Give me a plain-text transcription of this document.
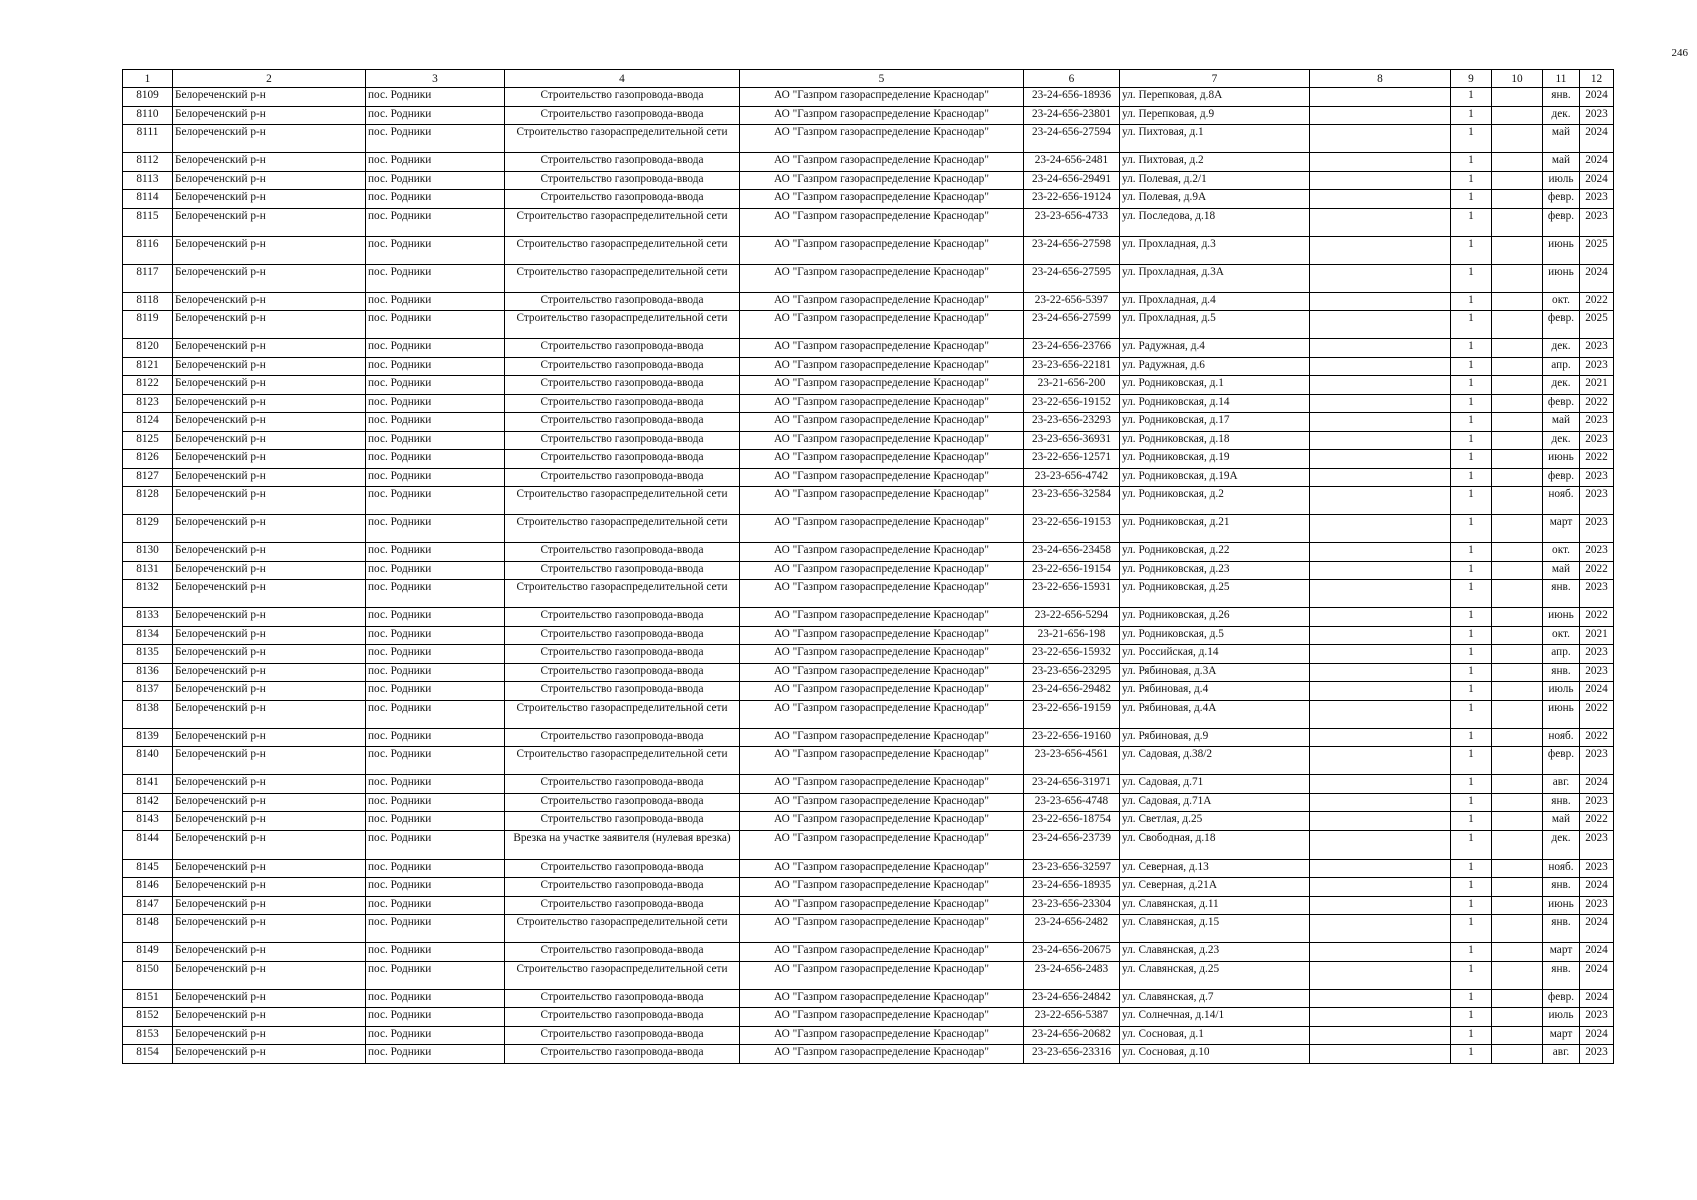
246
1	2	3	4	5	6	7	8	9	10	11	12
8109	Белореченский р-н	пос. Родники	Строительство газопровода-ввода	АО "Газпром газораспределение Краснодар"	23-24-656-18936	ул. Перепковая, д.8А		1		янв.	2024
8110	Белореченский р-н	пос. Родники	Строительство газопровода-ввода	АО "Газпром газораспределение Краснодар"	23-24-656-23801	ул. Перепковая, д.9		1		дек.	2023
8111	Белореченский р-н	пос. Родники	Строительство газораспределительной сети	АО "Газпром газораспределение Краснодар"	23-24-656-27594	ул. Пихтовая, д.1		1		май	2024
8112	Белореченский р-н	пос. Родники	Строительство газопровода-ввода	АО "Газпром газораспределение Краснодар"	23-24-656-2481	ул. Пихтовая, д.2		1		май	2024
8113	Белореченский р-н	пос. Родники	Строительство газопровода-ввода	АО "Газпром газораспределение Краснодар"	23-24-656-29491	ул. Полевая, д.2/1		1		июль	2024
8114	Белореченский р-н	пос. Родники	Строительство газопровода-ввода	АО "Газпром газораспределение Краснодар"	23-22-656-19124	ул. Полевая, д.9А		1		февр.	2023
8115	Белореченский р-н	пос. Родники	Строительство газораспределительной сети	АО "Газпром газораспределение Краснодар"	23-23-656-4733	ул. Последова, д.18		1		февр.	2023
8116	Белореченский р-н	пос. Родники	Строительство газораспределительной сети	АО "Газпром газораспределение Краснодар"	23-24-656-27598	ул. Прохладная, д.3		1		июнь	2025
8117	Белореченский р-н	пос. Родники	Строительство газораспределительной сети	АО "Газпром газораспределение Краснодар"	23-24-656-27595	ул. Прохладная, д.3А		1		июнь	2024
8118	Белореченский р-н	пос. Родники	Строительство газопровода-ввода	АО "Газпром газораспределение Краснодар"	23-22-656-5397	ул. Прохладная, д.4		1		окт.	2022
8119	Белореченский р-н	пос. Родники	Строительство газораспределительной сети	АО "Газпром газораспределение Краснодар"	23-24-656-27599	ул. Прохладная, д.5		1		февр.	2025
8120	Белореченский р-н	пос. Родники	Строительство газопровода-ввода	АО "Газпром газораспределение Краснодар"	23-24-656-23766	ул. Радужная, д.4		1		дек.	2023
8121	Белореченский р-н	пос. Родники	Строительство газопровода-ввода	АО "Газпром газораспределение Краснодар"	23-23-656-22181	ул. Радужная, д.6		1		апр.	2023
8122	Белореченский р-н	пос. Родники	Строительство газопровода-ввода	АО "Газпром газораспределение Краснодар"	23-21-656-200	ул. Родниковская, д.1		1		дек.	2021
8123	Белореченский р-н	пос. Родники	Строительство газопровода-ввода	АО "Газпром газораспределение Краснодар"	23-22-656-19152	ул. Родниковская, д.14		1		февр.	2022
8124	Белореченский р-н	пос. Родники	Строительство газопровода-ввода	АО "Газпром газораспределение Краснодар"	23-23-656-23293	ул. Родниковская, д.17		1		май	2023
8125	Белореченский р-н	пос. Родники	Строительство газопровода-ввода	АО "Газпром газораспределение Краснодар"	23-23-656-36931	ул. Родниковская, д.18		1		дек.	2023
8126	Белореченский р-н	пос. Родники	Строительство газопровода-ввода	АО "Газпром газораспределение Краснодар"	23-22-656-12571	ул. Родниковская, д.19		1		июнь	2022
8127	Белореченский р-н	пос. Родники	Строительство газопровода-ввода	АО "Газпром газораспределение Краснодар"	23-23-656-4742	ул. Родниковская, д.19А		1		февр.	2023
8128	Белореченский р-н	пос. Родники	Строительство газораспределительной сети	АО "Газпром газораспределение Краснодар"	23-23-656-32584	ул. Родниковская, д.2		1		нояб.	2023
8129	Белореченский р-н	пос. Родники	Строительство газораспределительной сети	АО "Газпром газораспределение Краснодар"	23-22-656-19153	ул. Родниковская, д.21		1		март	2023
8130	Белореченский р-н	пос. Родники	Строительство газопровода-ввода	АО "Газпром газораспределение Краснодар"	23-24-656-23458	ул. Родниковская, д.22		1		окт.	2023
8131	Белореченский р-н	пос. Родники	Строительство газопровода-ввода	АО "Газпром газораспределение Краснодар"	23-22-656-19154	ул. Родниковская, д.23		1		май	2022
8132	Белореченский р-н	пос. Родники	Строительство газораспределительной сети	АО "Газпром газораспределение Краснодар"	23-22-656-15931	ул. Родниковская, д.25		1		янв.	2023
8133	Белореченский р-н	пос. Родники	Строительство газопровода-ввода	АО "Газпром газораспределение Краснодар"	23-22-656-5294	ул. Родниковская, д.26		1		июнь	2022
8134	Белореченский р-н	пос. Родники	Строительство газопровода-ввода	АО "Газпром газораспределение Краснодар"	23-21-656-198	ул. Родниковская, д.5		1		окт.	2021
8135	Белореченский р-н	пос. Родники	Строительство газопровода-ввода	АО "Газпром газораспределение Краснодар"	23-22-656-15932	ул. Российская, д.14		1		апр.	2023
8136	Белореченский р-н	пос. Родники	Строительство газопровода-ввода	АО "Газпром газораспределение Краснодар"	23-23-656-23295	ул. Рябиновая, д.3А		1		янв.	2023
8137	Белореченский р-н	пос. Родники	Строительство газопровода-ввода	АО "Газпром газораспределение Краснодар"	23-24-656-29482	ул. Рябиновая, д.4		1		июль	2024
8138	Белореченский р-н	пос. Родники	Строительство газораспределительной сети	АО "Газпром газораспределение Краснодар"	23-22-656-19159	ул. Рябиновая, д.4А		1		июнь	2022
8139	Белореченский р-н	пос. Родники	Строительство газопровода-ввода	АО "Газпром газораспределение Краснодар"	23-22-656-19160	ул. Рябиновая, д.9		1		нояб.	2022
8140	Белореченский р-н	пос. Родники	Строительство газораспределительной сети	АО "Газпром газораспределение Краснодар"	23-23-656-4561	ул. Садовая, д.38/2		1		февр.	2023
8141	Белореченский р-н	пос. Родники	Строительство газопровода-ввода	АО "Газпром газораспределение Краснодар"	23-24-656-31971	ул. Садовая, д.71		1		авг.	2024
8142	Белореченский р-н	пос. Родники	Строительство газопровода-ввода	АО "Газпром газораспределение Краснодар"	23-23-656-4748	ул. Садовая, д.71А		1		янв.	2023
8143	Белореченский р-н	пос. Родники	Строительство газопровода-ввода	АО "Газпром газораспределение Краснодар"	23-22-656-18754	ул. Светлая, д.25		1		май	2022
8144	Белореченский р-н	пос. Родники	Врезка на участке заявителя (нулевая врезка)	АО "Газпром газораспределение Краснодар"	23-24-656-23739	ул. Свободная, д.18		1		дек.	2023
8145	Белореченский р-н	пос. Родники	Строительство газопровода-ввода	АО "Газпром газораспределение Краснодар"	23-23-656-32597	ул. Северная, д.13		1		нояб.	2023
8146	Белореченский р-н	пос. Родники	Строительство газопровода-ввода	АО "Газпром газораспределение Краснодар"	23-24-656-18935	ул. Северная, д.21А		1		янв.	2024
8147	Белореченский р-н	пос. Родники	Строительство газопровода-ввода	АО "Газпром газораспределение Краснодар"	23-23-656-23304	ул. Славянская, д.11		1		июнь	2023
8148	Белореченский р-н	пос. Родники	Строительство газораспределительной сети	АО "Газпром газораспределение Краснодар"	23-24-656-2482	ул. Славянская, д.15		1		янв.	2024
8149	Белореченский р-н	пос. Родники	Строительство газопровода-ввода	АО "Газпром газораспределение Краснодар"	23-24-656-20675	ул. Славянская, д.23		1		март	2024
8150	Белореченский р-н	пос. Родники	Строительство газораспределительной сети	АО "Газпром газораспределение Краснодар"	23-24-656-2483	ул. Славянская, д.25		1		янв.	2024
8151	Белореченский р-н	пос. Родники	Строительство газопровода-ввода	АО "Газпром газораспределение Краснодар"	23-24-656-24842	ул. Славянская, д.7		1		февр.	2024
8152	Белореченский р-н	пос. Родники	Строительство газопровода-ввода	АО "Газпром газораспределение Краснодар"	23-22-656-5387	ул. Солнечная, д.14/1		1		июль	2023
8153	Белореченский р-н	пос. Родники	Строительство газопровода-ввода	АО "Газпром газораспределение Краснодар"	23-24-656-20682	ул. Сосновая, д.1		1		март	2024
8154	Белореченский р-н	пос. Родники	Строительство газопровода-ввода	АО "Газпром газораспределение Краснодар"	23-23-656-23316	ул. Сосновая, д.10		1		авг.	2023
